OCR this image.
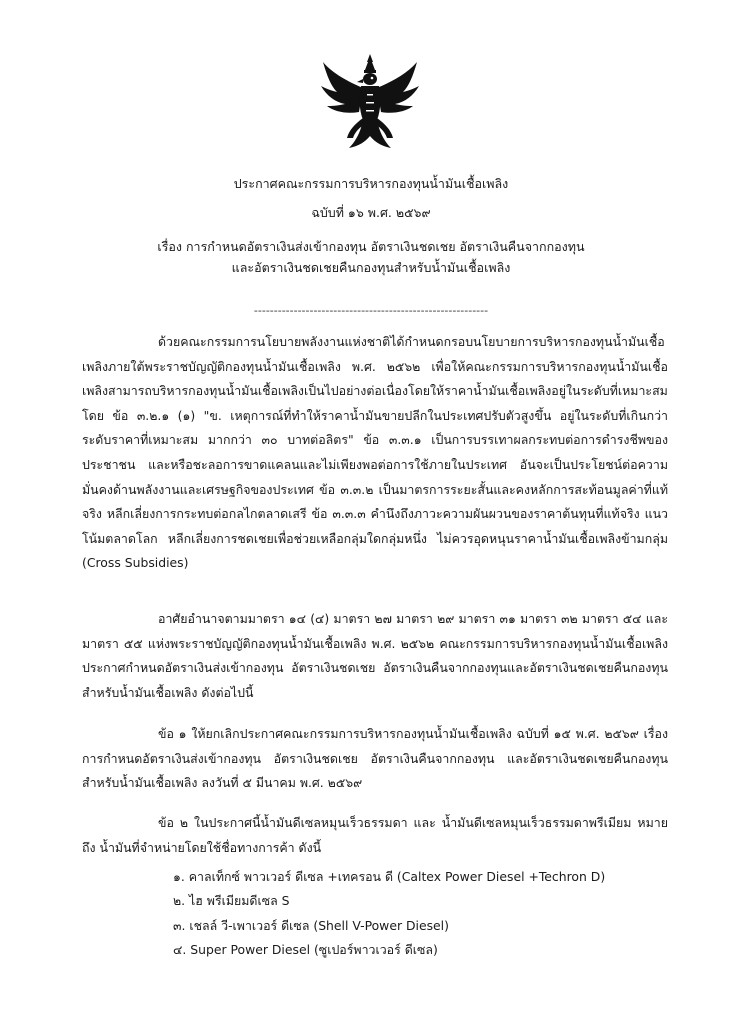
ประกาศคณะกรรมการบริหารกองทุนน้ำมันเชื้อเพลิง
ฉบับที่ ๑๖ พ.ศ. ๒๕๖๙
เรื่อง การกำหนดอัตราเงินส่งเข้ากองทุน อัตราเงินชดเชย อัตราเงินคืนจากกองทุน
และอัตราเงินชดเชยคืนกองทุนสำหรับน้ำมันเชื้อเพลิง
-----------------------------------------------------------

ด้วยคณะกรรมการนโยบายพลังงานแห่งชาติได้กำหนดกรอบนโยบายการบริหารกองทุนน้ำมันเชื้อเพลิงภายใต้พระราชบัญญัติกองทุนน้ำมันเชื้อเพลิง พ.ศ. ๒๕๖๒ เพื่อให้คณะกรรมการบริหารกองทุนน้ำมันเชื้อเพลิงสามารถบริหารกองทุนน้ำมันเชื้อเพลิงเป็นไปอย่างต่อเนื่องโดยให้ราคาน้ำมันเชื้อเพลิงอยู่ในระดับที่เหมาะสม โดย ข้อ ๓.๒.๑ (๑) "ข. เหตุการณ์ที่ทำให้ราคาน้ำมันขายปลีกในประเทศปรับตัวสูงขึ้น อยู่ในระดับที่เกินกว่าระดับราคาที่เหมาะสม มากกว่า ๓๐ บาทต่อลิตร" ข้อ ๓.๓.๑ เป็นการบรรเทาผลกระทบต่อการดำรงชีพของประชาชน และหรือชะลอการขาดแคลนและไม่เพียงพอต่อการใช้ภายในประเทศ อันจะเป็นประโยชน์ต่อความมั่นคงด้านพลังงานและเศรษฐกิจของประเทศ ข้อ ๓.๓.๒ เป็นมาตรการระยะสั้นและคงหลักการสะท้อนมูลค่าที่แท้จริง หลีกเลี่ยงการกระทบต่อกลไกตลาดเสรี ข้อ ๓.๓.๓ คำนึงถึงภาวะความผันผวนของราคาต้นทุนที่แท้จริง แนวโน้มตลาดโลก หลีกเลี่ยงการชดเชยเพื่อช่วยเหลือกลุ่มใดกลุ่มหนึ่ง ไม่ควรอุดหนุนราคาน้ำมันเชื้อเพลิงข้ามกลุ่ม (Cross Subsidies)

อาศัยอำนาจตามมาตรา ๑๔ (๔) มาตรา ๒๗ มาตรา ๒๙ มาตรา ๓๑ มาตรา ๓๒ มาตรา ๕๔ และมาตรา ๕๕ แห่งพระราชบัญญัติกองทุนน้ำมันเชื้อเพลิง พ.ศ. ๒๕๖๒ คณะกรรมการบริหารกองทุนน้ำมันเชื้อเพลิงประกาศกำหนดอัตราเงินส่งเข้ากองทุน อัตราเงินชดเชย อัตราเงินคืนจากกองทุนและอัตราเงินชดเชยคืนกองทุนสำหรับน้ำมันเชื้อเพลิง ดังต่อไปนี้

ข้อ ๑ ให้ยกเลิกประกาศคณะกรรมการบริหารกองทุนน้ำมันเชื้อเพลิง ฉบับที่ ๑๕ พ.ศ. ๒๕๖๙ เรื่อง การกำหนดอัตราเงินส่งเข้ากองทุน อัตราเงินชดเชย อัตราเงินคืนจากกองทุน และอัตราเงินชดเชยคืนกองทุนสำหรับน้ำมันเชื้อเพลิง ลงวันที่ ๕ มีนาคม พ.ศ. ๒๕๖๙

ข้อ ๒ ในประกาศนี้น้ำมันดีเซลหมุนเร็วธรรมดา และ น้ำมันดีเซลหมุนเร็วธรรมดาพรีเมียม หมายถึง น้ำมันที่จำหน่ายโดยใช้ชื่อทางการค้า ดังนี้

๑. คาลเท็กซ์ พาวเวอร์ ดีเซล +เทครอน ดี (Caltex Power Diesel +Techron D)
๒. ไฮ พรีเมียมดีเซล S
๓. เชลล์ วี-เพาเวอร์ ดีเซล (Shell V-Power Diesel)
๔. Super Power Diesel (ซูเปอร์พาวเวอร์ ดีเซล)
